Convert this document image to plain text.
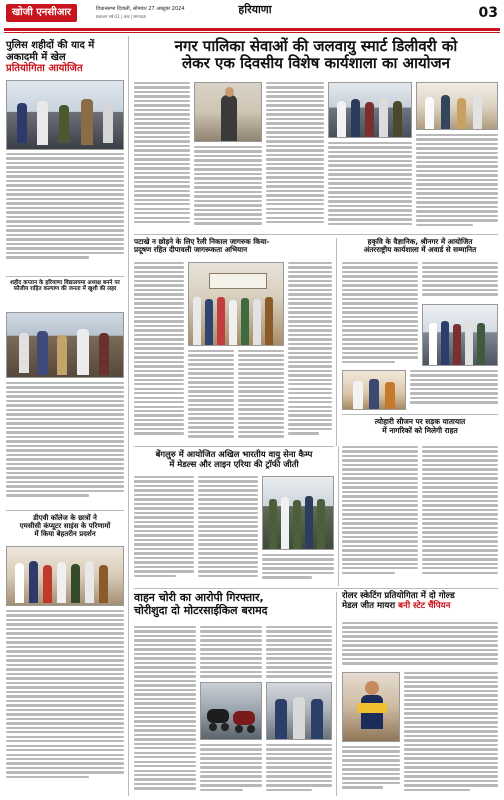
खोजी एनसीआर	विधानसभा दिवाली, सोमवार 27 अक्टूबर 2024
प्रकाशन वर्ष 01 | अंक | सम्पादक
हरियाणा	03
पुलिस शहीदों की याद में
अकादमी में खेल
प्रतियोगिता आयोजित
शहीद कप्तान के हरियाणा विद्यालयमा अध्यक्ष बनने पर फौजीय राहित कल्याण की जनता में खुशी की लहर
डीएवी कॉलेज के छात्रों ने
एमसीसी कंप्यूटर साइंस के परिणामों
में किया बेहतरीन प्रदर्शन
नगर पालिका सेवाओं की जलवायु स्मार्ट डिलीवरी को
लेकर एक दिवसीय विशेष कार्यशाला का आयोजन
पटाखे न छोड़ने के लिए रैली निकाल जागरुक किया-
प्रदूषण रहित दीपावली जागरूकता अभियान
हकृवि के वैज्ञानिक, श्रीनगर में आयोजित
अंतरराष्ट्रीय कार्यशाला में अवार्ड से सम्मानित
त्योहारी सीजन पर सड़क यातायात
में नागरिकों को मिलेगी राहत
बेंगलुरु में आयोजित अखिल भारतीय वायु सेना कैम्प
में मेडल्स और लाइन एरिया की ट्रॉफी जीती
वाहन चोरी का आरोपी गिरफ्तार,
चोरीशुदा दो मोटरसाईकिल बरामद
रोलर स्केटिंग प्रतियोगिता में दो गोल्ड
मेडल जीत मायरा बनी स्टेट चैंपियन
